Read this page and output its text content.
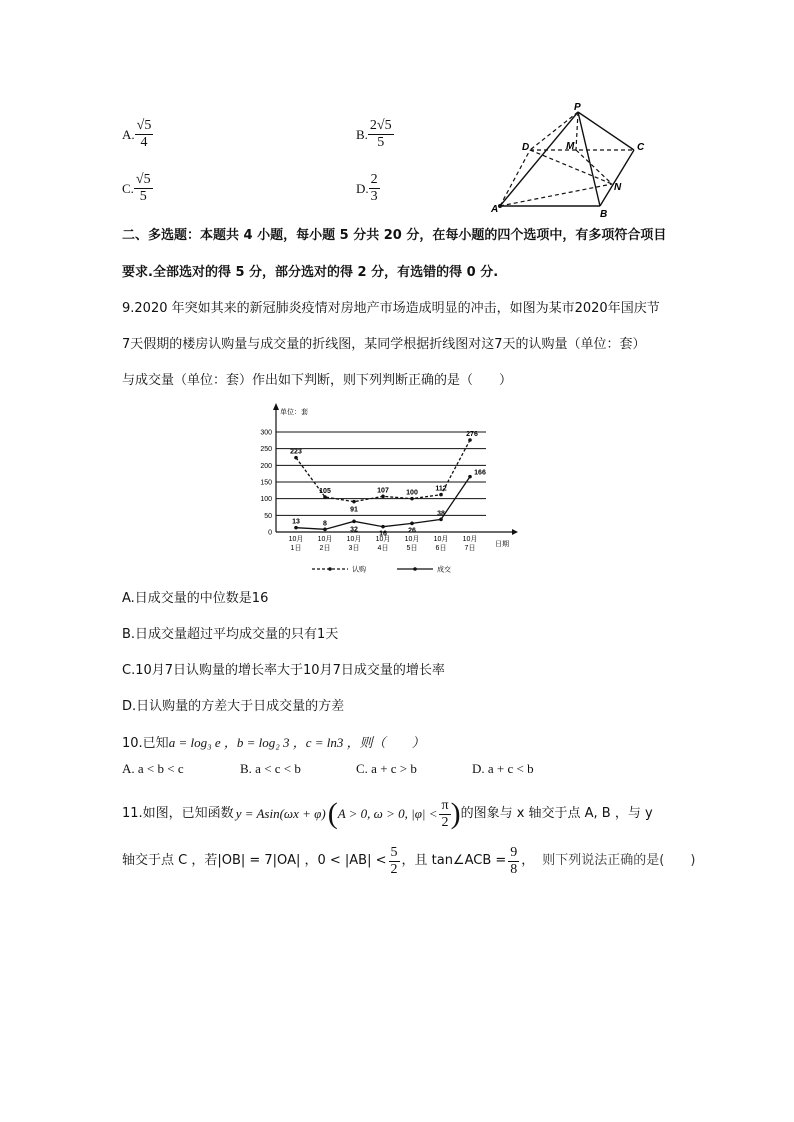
A. $\frac{√5}{4}$	B. $\frac{2√5}{5}$
C. $\frac{√5}{5}$	D. $\frac{2}{3}$
P
M
D	C
N
A	B
二、多选题：本题共 4 小题，每小题 5 分共 20 分，在每小题的四个选项中，有多项符合项目
要求.全部选对的得 5 分，部分选对的得 2 分，有选错的得 0 分.
9.2020 年突如其来的新冠肺炎疫情对房地产市场造成明显的冲击，如图为某市2020年国庆节
7天假期的楼房认购量与成交量的折线图，某同学根据折线图对这7天的认购量（单位：套）
与成交量（单位：套）作出如下判断，则下列判断正确的是（　　）
0
50
100
150
200
250
300
10月
1日
10月
2日
10月
3日
10月
4日
10月
5日
10月
6日
10月
7日
223
105
91
107 100
112
276
13	8
32
16	26
38
166
认购	成交
单位：套
日期
A.日成交量的中位数是16
B.日成交量超过平均成交量的只有1天
C.10月7日认购量的增长率大于10月7日成交量的增长率
D.日认购量的方差大于日成交量的方差
10.已知a = log₃ e ，b = log₂ 3 ，c = ln3 ，则（　　）
A. a < b < c	B. a < c < b	C. a + c > b	D. a + c < b
11.如图，已知函数 y = Asin(ωx + φ) ( A > 0, ω > 0, $|\varphi| < \frac{\pi}{2}$ ) 的图象与 x 轴交于点 A, B ，与 y
轴交于点 C ，若|OB| = 7|OA| ，$0 < |AB| < \frac{5}{2}$ ，且 tan∠ACB = $\frac{9}{8}$ ， 则下列说法正确的是(　　)
